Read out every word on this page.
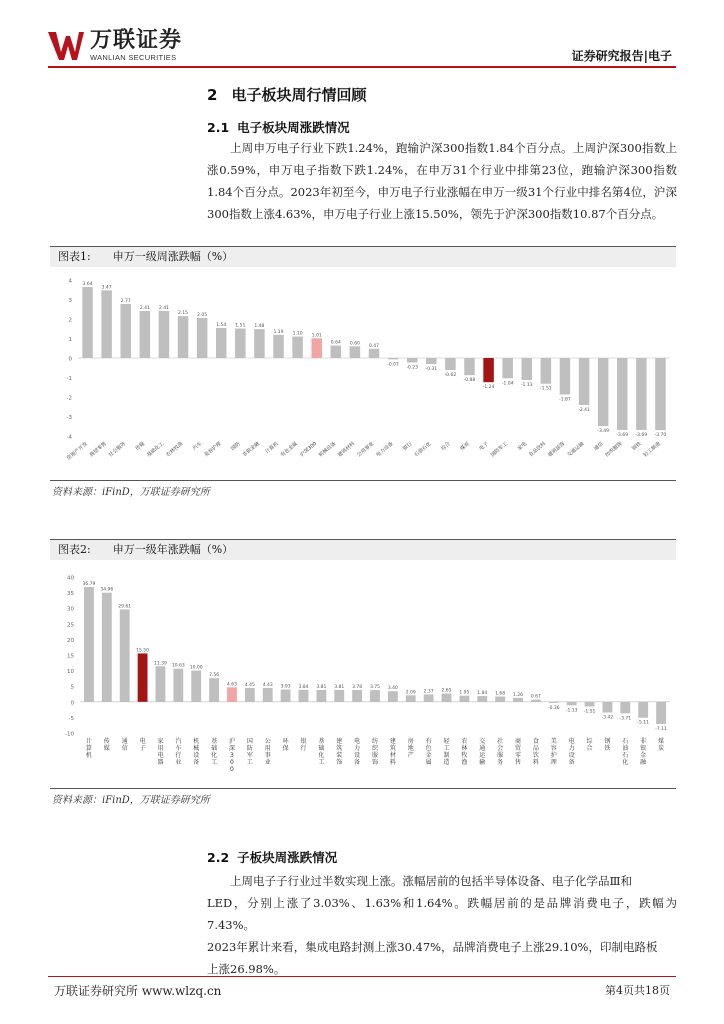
万联证券
WANLIAN SECURITIES	证券研究报告|电子
2 电子板块周行情回顾
2.1 电子板块周涨跌情况

上周申万电子行业下跌1.24%，跑输沪深300指数1.84个百分点。上周沪深300指数上涨0.59%，申万电子指数下跌1.24%，在申万31个行业中排第23位，跑输沪深300指数1.84个百分点。2023年初至今，申万电子行业涨幅在申万一级31个行业中排名第4位，沪深300指数上涨4.63%，申万电子行业上涨15.50%，领先于沪深300指数10.87个百分点。

图表1: 申万一级周涨跌幅（%）
4
3
2
1
0
-1
-2
-3
-4
3.64
房地产开发
3.47
商贸零售
2.77
社会服务
2.41
传媒
2.41
基础化工
2.15
农林牧渔
2.05
汽车
1.54
美容护理
1.51
国防
1.48
非银金融
1.19
计算机
1.10
有色金属
1.01
沪深300
0.64
机械设备
0.60
建筑材料
0.47
公用事业
-0.07
电力设备
-0.23
银行
-0.31
石油石化
-0.62
综合
-0.88
煤炭
-1.24
电子
-1.04
国防军工
-1.13
家电
-1.51
食品饮料
-1.87
建筑装饰
-2.41
交通运输
-3.49
通信
-3.69
纺织服饰
-3.69
钢铁
-3.70
轻工制造
资料来源：iFinD，万联证券研究所
图表2: 申万一级年涨跌幅（%）
40
35
30
25
20
15
10
5
0
-5
-10
36.79
计
算
机
34.96
传
媒
29.61
通
信
15.50
电
子
11.39
家
用
电
器
10.63
汽
车
行
业
10.00
机
械
设
备
7.56
基
础
化
工
4.63
沪
深
3
0
0
4.45
国
防
军
工
4.43
公
用
事
业
3.93
环
保
3.84
银
行
3.81
基
础
化
工
3.81
建
筑
装
饰
3.78
电
力
设
备
3.75
纺
织
服
饰
3.40
建
筑
材
料
2.09
房
地
产
2.37
有
色
金
属
2.65
轻
工
制
造
1.95
农
林
牧
渔
1.84
交
通
运
输
1.68
社
会
服
务
1.26
商
贸
零
售
0.67
食
品
饮
料
-0.36
美
容
护
理
-1.13
电
力
设
备
-1.51
综
合
-3.42
钢
铁
-3.71
石
油
石
化
-5.11
非
银
金
融
-7.11
煤
炭
资料来源：iFinD，万联证券研究所
2.2 子板块周涨跌情况
上周电子子行业过半数实现上涨。涨幅居前的包括半导体设备、电子化学品Ⅲ和
LED，分别上涨了3.03%、1.63%和1.64%。跌幅居前的是品牌消费电子，跌幅为7.43%。
2023年累计来看，集成电路封测上涨30.47%，品牌消费电子上涨29.10%，印制电路板
上涨26.98%。
万联证券研究所 www.wlzq.cn	第4页共18页
